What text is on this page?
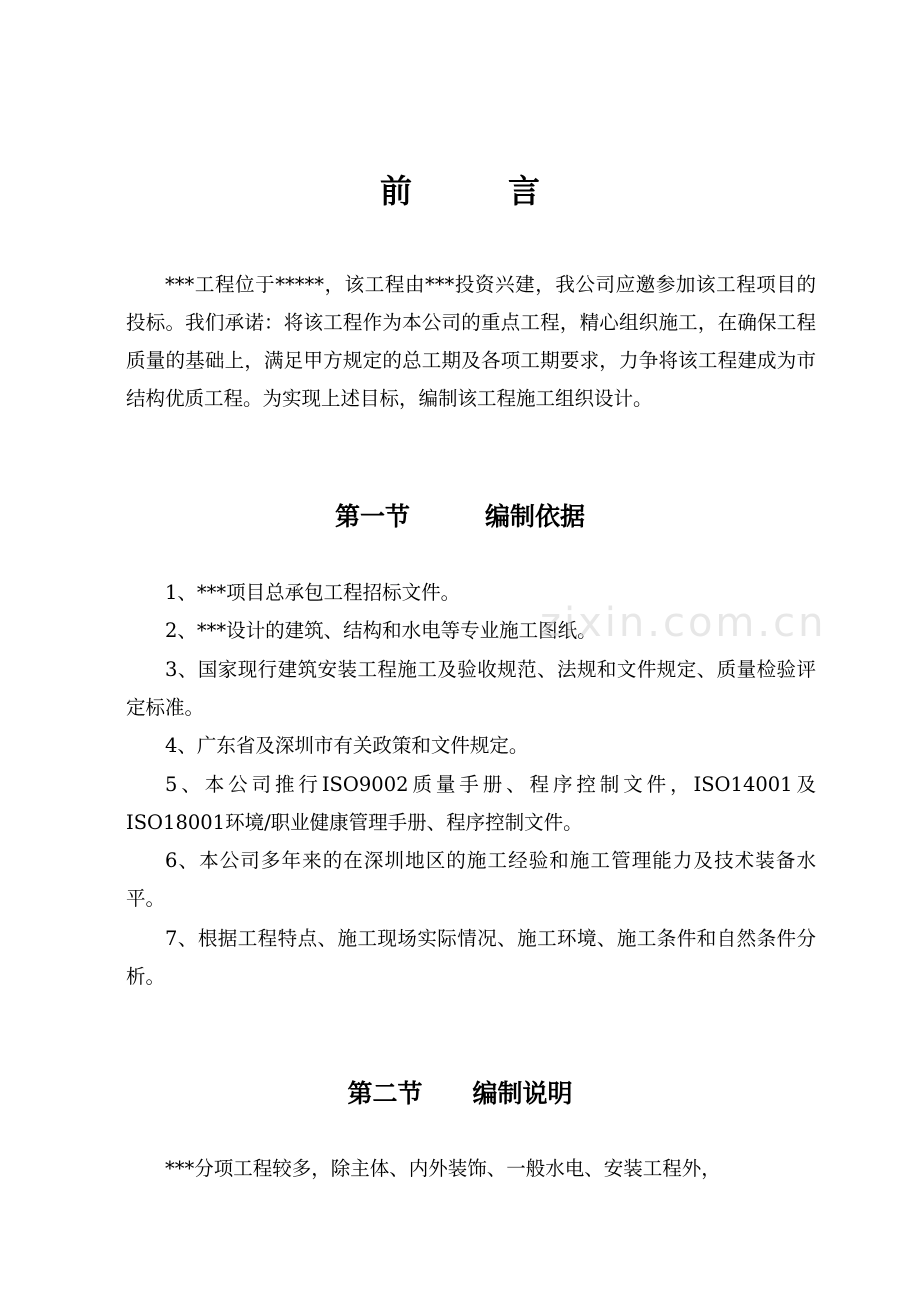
前　　　言

***工程位于*****，该工程由***投资兴建，我公司应邀参加该工程项目的投标。我们承诺：将该工程作为本公司的重点工程，精心组织施工，在确保工程质量的基础上，满足甲方规定的总工期及各项工期要求，力争将该工程建成为市结构优质工程。为实现上述目标，编制该工程施工组织设计。

第一节　　　编制依据

1、***项目总承包工程招标文件。

2、***设计的建筑、结构和水电等专业施工图纸。

3、国家现行建筑安装工程施工及验收规范、法规和文件规定、质量检验评定标准。

4、广东省及深圳市有关政策和文件规定。

5、本公司推行ISO9002质量手册、程序控制文件，ISO14001及ISO18001环境/职业健康管理手册、程序控制文件。

6、本公司多年来的在深圳地区的施工经验和施工管理能力及技术装备水平。

7、根据工程特点、施工现场实际情况、施工环境、施工条件和自然条件分析。

第二节　　编制说明

***分项工程较多，除主体、内外装饰、一般水电、安装工程外，

zixin.com.cn
